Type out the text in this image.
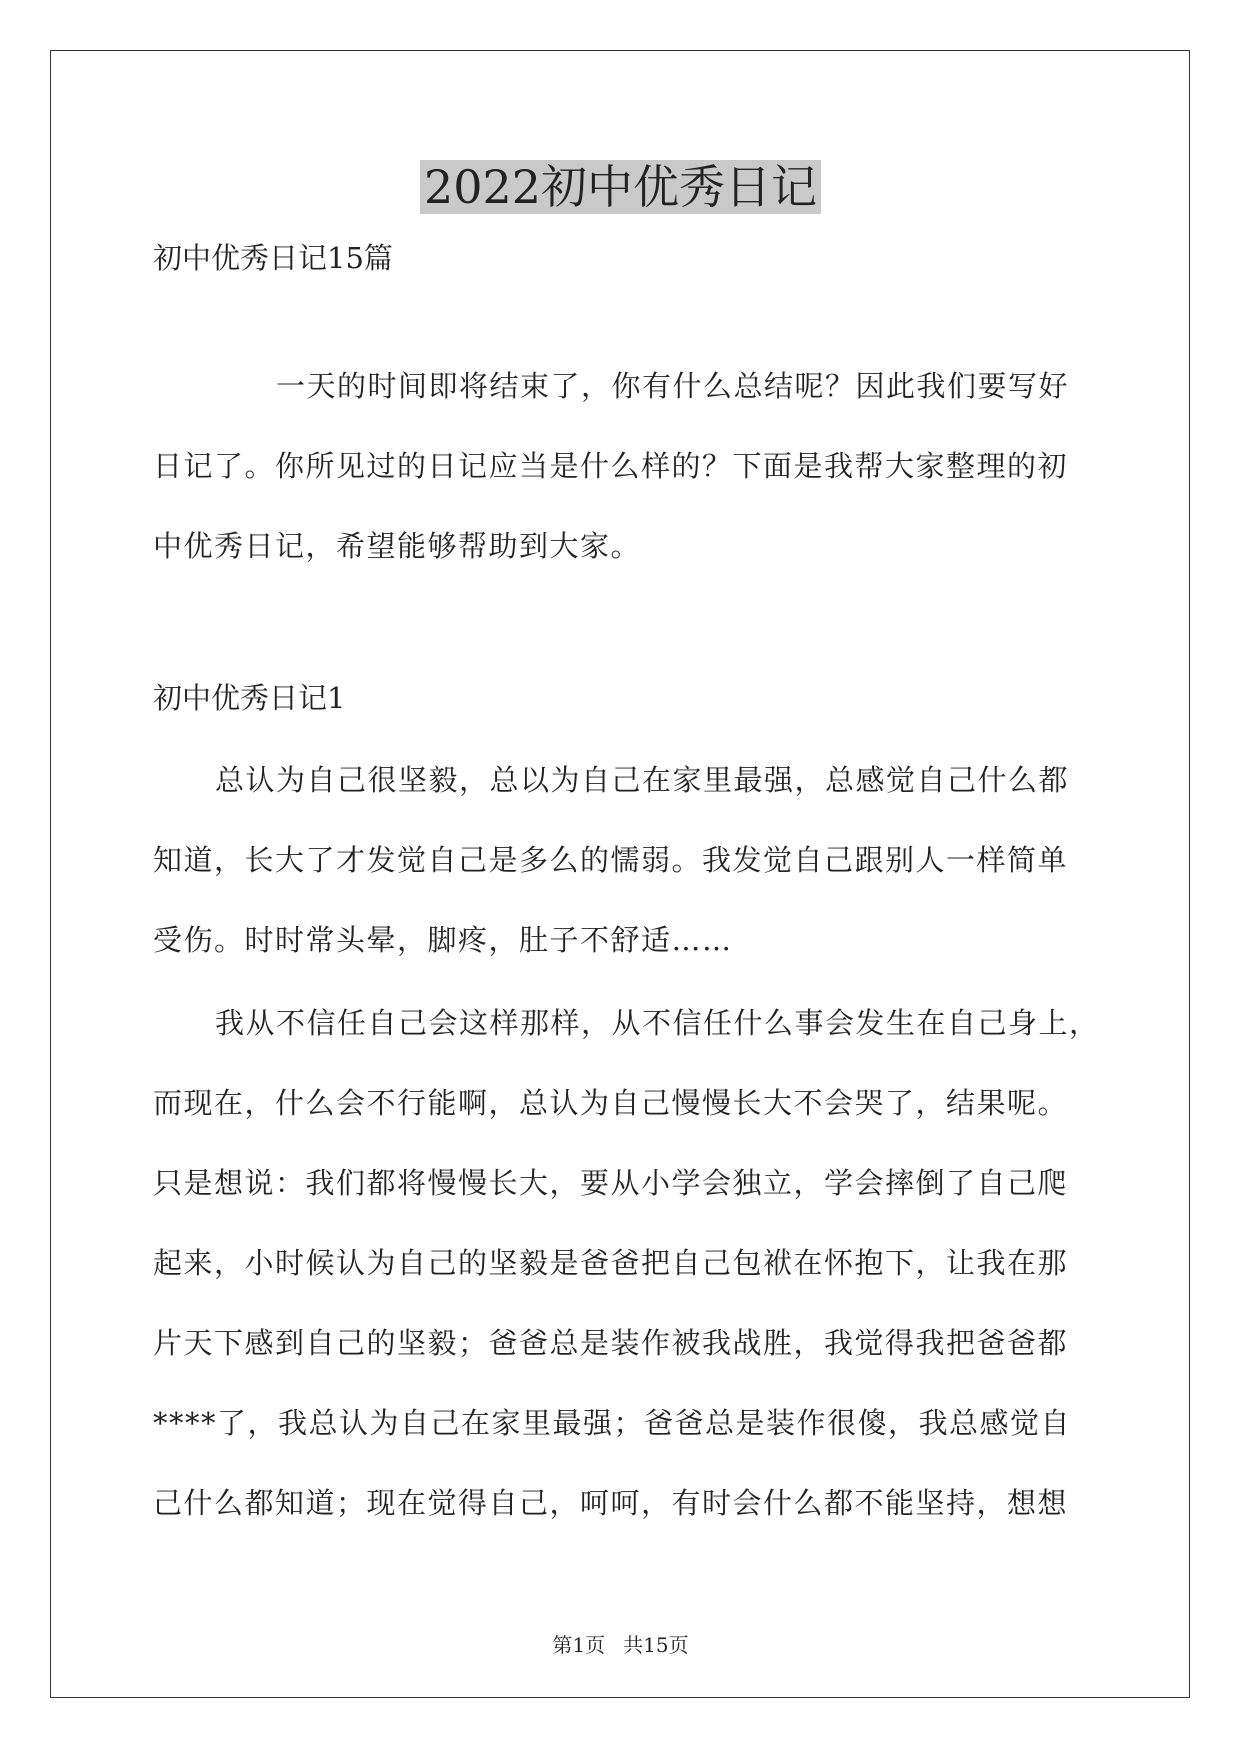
2022初中优秀日记

初中优秀日记15篇

一天的时间即将结束了，你有什么总结呢？因此我们要写好
日记了。你所见过的日记应当是什么样的？下面是我帮大家整理的初
中优秀日记，希望能够帮助到大家。

初中优秀日记1

总认为自己很坚毅，总以为自己在家里最强，总感觉自己什么都
知道，长大了才发觉自己是多么的懦弱。我发觉自己跟别人一样简单
受伤。时时常头晕，脚疼，肚子不舒适……
我从不信任自己会这样那样，从不信任什么事会发生在自己身上，
而现在，什么会不行能啊，总认为自己慢慢长大不会哭了，结果呢。
只是想说：我们都将慢慢长大，要从小学会独立，学会摔倒了自己爬
起来，小时候认为自己的坚毅是爸爸把自己包袱在怀抱下，让我在那
片天下感到自己的坚毅；爸爸总是装作被我战胜，我觉得我把爸爸都
****了，我总认为自己在家里最强；爸爸总是装作很傻，我总感觉自
己什么都知道；现在觉得自己，呵呵，有时会什么都不能坚持，想想
第1页 共15页
